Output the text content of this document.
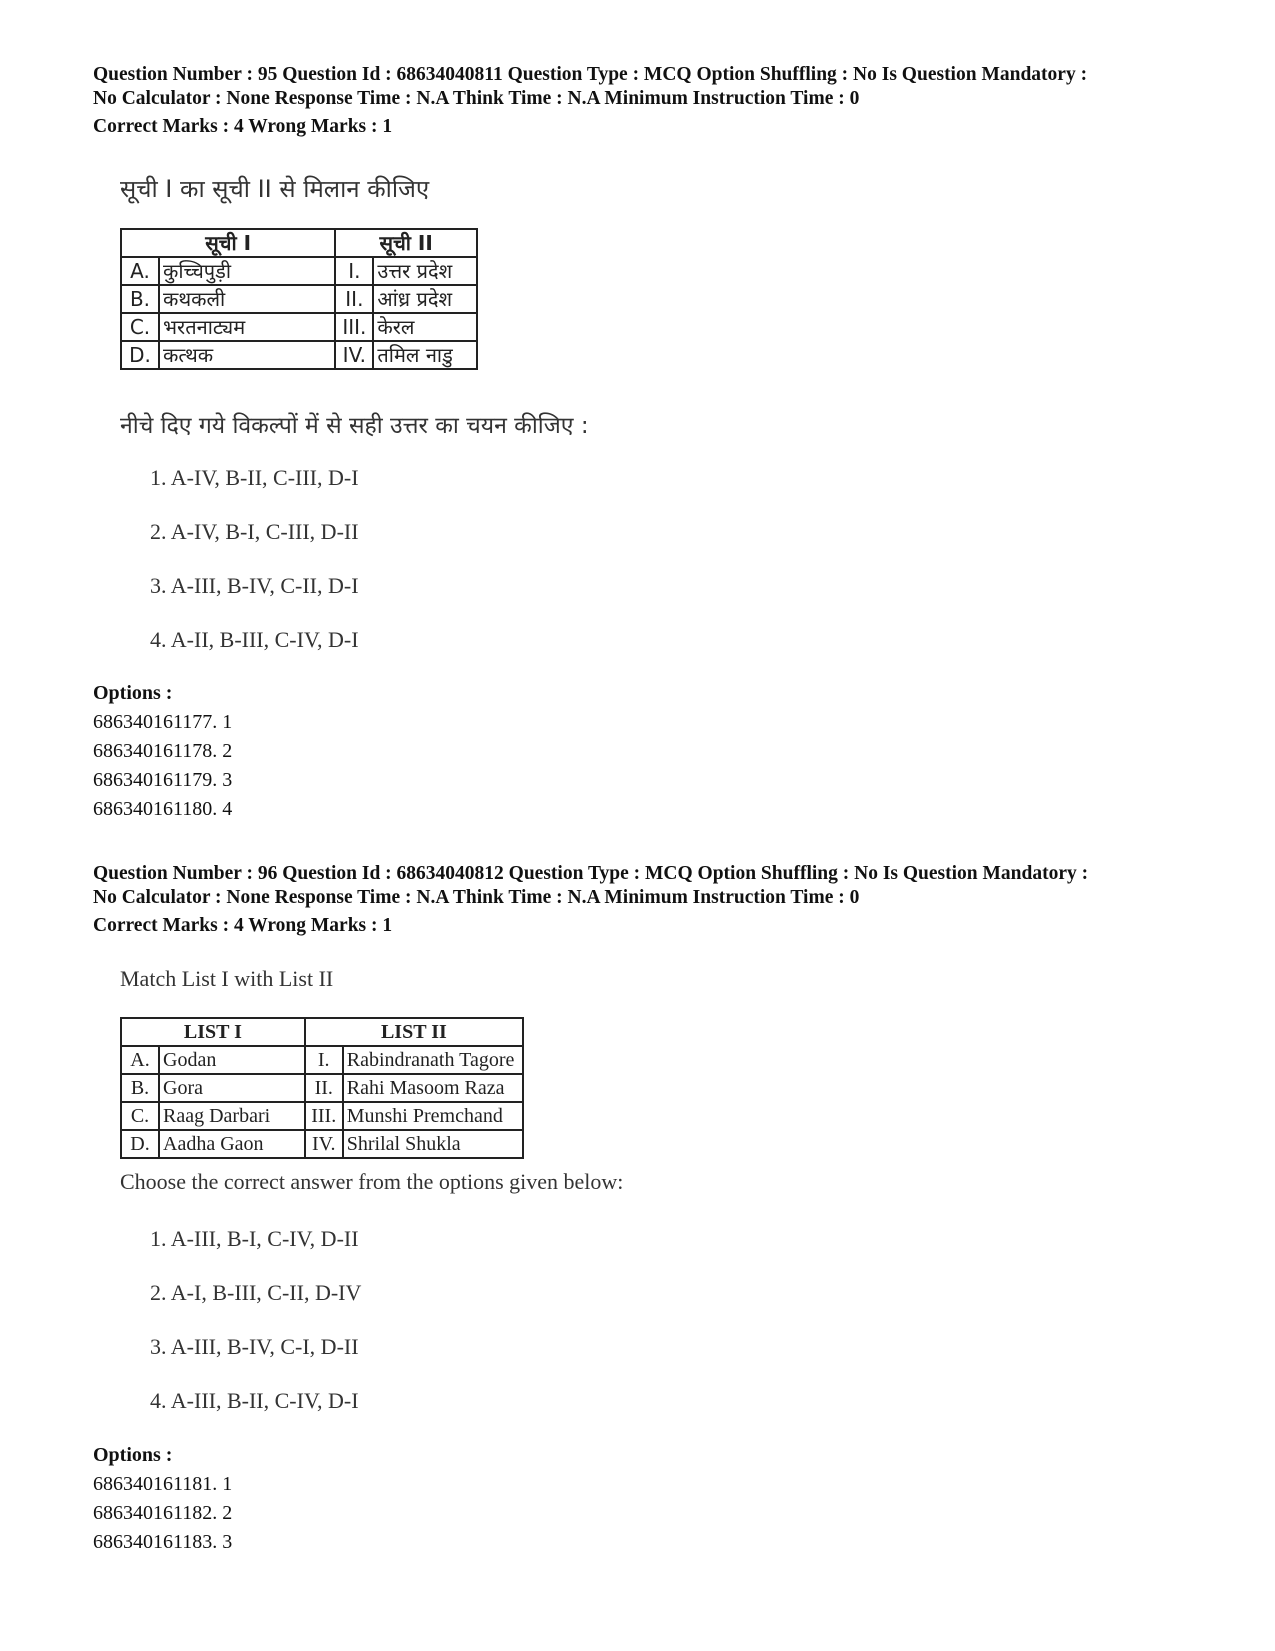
Question Number : 95 Question Id : 68634040811 Question Type : MCQ Option Shuffling : No Is Question Mandatory :
No Calculator : None Response Time : N.A Think Time : N.A Minimum Instruction Time : 0
Correct Marks : 4 Wrong Marks : 1
सूची I का सूची II से मिलान कीजिए
सूची I		सूची II	
A.	कुच्चिपुड़ी	I.	उत्तर प्रदेश
B.	कथकली	II.	आंध्र प्रदेश
C.	भरतनाट्यम	III.	केरल
D.	कत्थक	IV.	तमिल नाडु
नीचे दिए गये विकल्पों में से सही उत्तर का चयन कीजिए :
1. A-IV, B-II, C-III, D-I
2. A-IV, B-I, C-III, D-II
3. A-III, B-IV, C-II, D-I
4. A-II, B-III, C-IV, D-I
Options :
686340161177. 1
686340161178. 2
686340161179. 3
686340161180. 4
Question Number : 96 Question Id : 68634040812 Question Type : MCQ Option Shuffling : No Is Question Mandatory :
No Calculator : None Response Time : N.A Think Time : N.A Minimum Instruction Time : 0
Correct Marks : 4 Wrong Marks : 1
Match List I with List II
LIST I		LIST II	
A.	Godan	I.	Rabindranath Tagore
B.	Gora	II.	Rahi Masoom Raza
C.	Raag Darbari	III.	Munshi Premchand
D.	Aadha Gaon	IV.	Shrilal Shukla
Choose the correct answer from the options given below:
1. A-III, B-I, C-IV, D-II
2. A-I, B-III, C-II, D-IV
3. A-III, B-IV, C-I, D-II
4. A-III, B-II, C-IV, D-I
Options :
686340161181. 1
686340161182. 2
686340161183. 3
